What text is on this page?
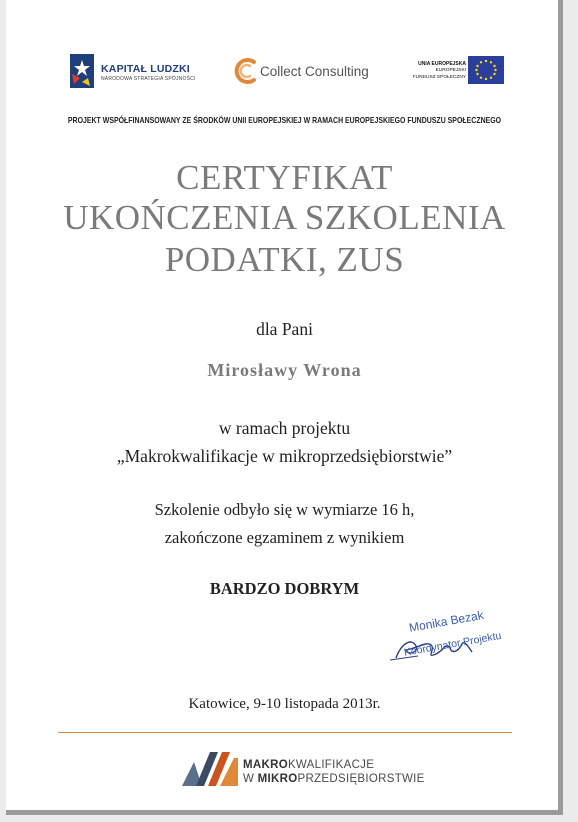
KAPITAŁ LUDZKI
NARODOWA STRATEGIA SPÓJNOŚCI	Collect Consulting	UNIA EUROPEJSKA
EUROPEJSKI
FUNDUSZ SPOŁECZNY
PROJEKT WSPÓŁFINANSOWANY ZE ŚRODKÓW UNII EUROPEJSKIEJ W RAMACH EUROPEJSKIEGO FUNDUSZU SPOŁECZNEGO
CERTYFIKAT
UKOŃCZENIA SZKOLENIA
PODATKI, ZUS
dla Pani
Mirosławy Wrona
w ramach projektu
„Makrokwalifikacje w mikroprzedsiębiorstwie”
Szkolenie odbyło się w wymiarze 16 h,
zakończone egzaminem z wynikiem
BARDZO DOBRYM
Monika Bezak
Koordynator Projektu
Katowice, 9-10 listopada 2013r.
MAKROKWALIFIKACJE
W MIKROPRZEDSIĘBIORSTWIE
